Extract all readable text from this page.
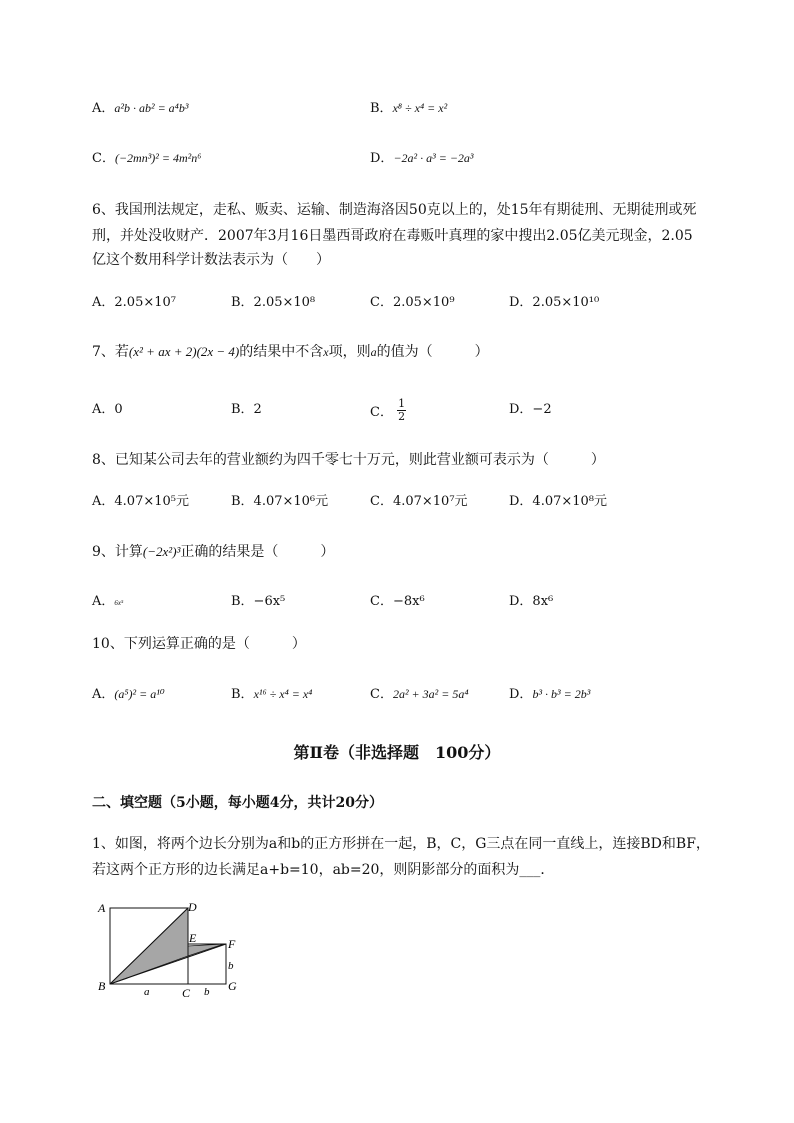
A．a²b · ab² = a⁴b³	B．x⁸ ÷ x⁴ = x²
C．(−2mn³)² = 4m²n⁶	D．−2a² · a³ = −2a³
6、我国刑法规定，走私、贩卖、运输、制造海洛因50克以上的，处15年有期徒刑、无期徒刑或死
刑，并处没收财产．2007年3月16日墨西哥政府在毒贩叶真理的家中搜出2.05亿美元现金，2.05
亿这个数用科学计数法表示为（　　）
A．2.05×10⁷	B．2.05×10⁸	C．2.05×10⁹	D．2.05×10¹⁰
7、若(x² + ax + 2)(2x − 4)的结果中不含x项，则a的值为（　　　）
A．0	B．2	C． $\frac{1}{2}$	D．−2
8、已知某公司去年的营业额约为四千零七十万元，则此营业额可表示为（　　　）
A．4.07×10⁵元	B．4.07×10⁶元	C．4.07×10⁷元	D．4.07×10⁸元
9、计算(−2x²)³正确的结果是（　　　）
A．6x⁵	B．−6x⁵	C．−8x⁶	D．8x⁶
10、下列运算正确的是（　　　）
A．(a⁵)² = a¹⁰	B．x¹⁶ ÷ x⁴ = x⁴	C．2a² + 3a² = 5a⁴	D．b³ · b³ = 2b³
第Ⅱ卷（非选择题　100分）
二、填空题（5小题，每小题4分，共计20分）
1、如图，将两个边长分别为a和b的正方形拼在一起，B，C，G三点在同一直线上，连接BD和BF，
若这两个正方形的边长满足a+b=10，ab=20，则阴影部分的面积为___．
A	D
E	F
b
B	a	C b G
